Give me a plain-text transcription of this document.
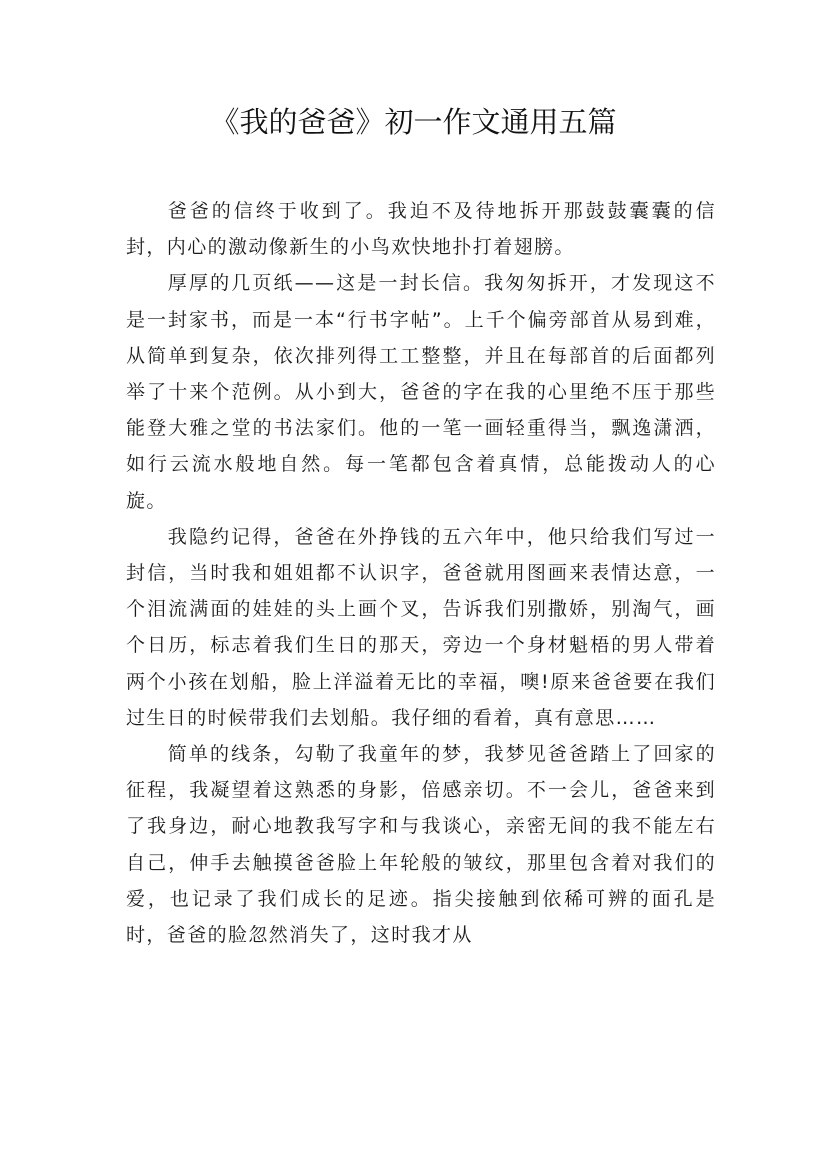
《我的爸爸》初一作文通用五篇

爸爸的信终于收到了。我迫不及待地拆开那鼓鼓囊囊的信封，内心的激动像新生的小鸟欢快地扑打着翅膀。

厚厚的几页纸——这是一封长信。我匆匆拆开，才发现这不是一封家书，而是一本“行书字帖”。上千个偏旁部首从易到难，从简单到复杂，依次排列得工工整整，并且在每部首的后面都列举了十来个范例。从小到大，爸爸的字在我的心里绝不压于那些能登大雅之堂的书法家们。他的一笔一画轻重得当，飘逸潇洒，如行云流水般地自然。每一笔都包含着真情，总能拨动人的心旋。

我隐约记得，爸爸在外挣钱的五六年中，他只给我们写过一封信，当时我和姐姐都不认识字，爸爸就用图画来表情达意，一个泪流满面的娃娃的头上画个叉，告诉我们别撒娇，别淘气，画个日历，标志着我们生日的那天，旁边一个身材魁梧的男人带着两个小孩在划船，脸上洋溢着无比的幸福，噢!原来爸爸要在我们过生日的时候带我们去划船。我仔细的看着，真有意思……

简单的线条，勾勒了我童年的梦，我梦见爸爸踏上了回家的征程，我凝望着这熟悉的身影，倍感亲切。不一会儿，爸爸来到了我身边，耐心地教我写字和与我谈心，亲密无间的我不能左右自己，伸手去触摸爸爸脸上年轮般的皱纹，那里包含着对我们的爱，也记录了我们成长的足迹。指尖接触到依稀可辨的面孔是时，爸爸的脸忽然消失了，这时我才从
